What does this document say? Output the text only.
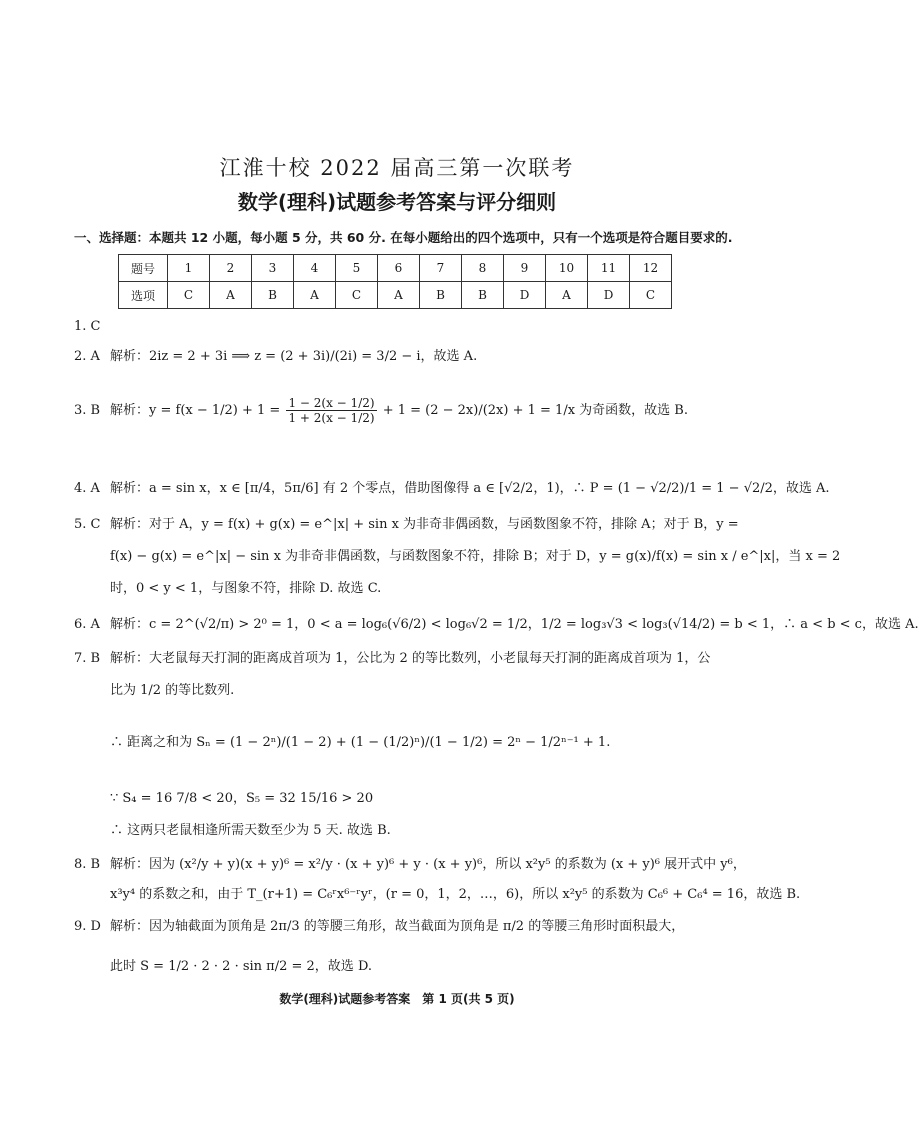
江淮十校 2022 届高三第一次联考
数学(理科)试题参考答案与评分细则
一、选择题：本题共 12 小题，每小题 5 分，共 60 分. 在每小题给出的四个选项中，只有一个选项是符合题目要求的.
题号	1	2	3	4	5	6	7	8	9	10	11	12
选项	C	A	B	A	C	A	B	B	D	A	D	C
1. C
2. A 解析：2iz = 2 + 3i ⟹ z = (2 + 3i)/(2i) = 3/2 − i，故选 A.
3. B 解析：$y = f(x - 1/2) + 1 = \frac{1 - 2(x - 1/2)}{1 + 2(x - 1/2)} + 1 = (2 - 2x)/(2x) + 1 = 1/x$ 为奇函数，故选 B.
4. A 解析：a = sin x，x ∈ [π/4，5π/6] 有 2 个零点，借助图像得 a ∈ [√2/2，1)，∴ P = (1 − √2/2)/1 = 1 − √2/2，故选 A.
5. C 解析：对于 A，y = f(x) + g(x) = e^|x| + sin x 为非奇非偶函数，与函数图象不符，排除 A；对于 B，y =
f(x) − g(x) = e^|x| − sin x 为非奇非偶函数，与函数图象不符，排除 B；对于 D，y = g(x)/f(x) = sin x / e^|x|，当 x = 2
时，0 < y < 1，与图象不符，排除 D. 故选 C.
6. A 解析：c = 2^(√2/π) > 2⁰ = 1，0 < a = log₆(√6/2) < log₆√2 = 1/2，1/2 = log₃√3 < log₃(√14/2) = b < 1，∴ a < b < c，故选 A.
7. B 解析：大老鼠每天打洞的距离成首项为 1，公比为 2 的等比数列，小老鼠每天打洞的距离成首项为 1，公
比为 1/2 的等比数列.
∴ 距离之和为 Sₙ = (1 − 2ⁿ)/(1 − 2) + (1 − (1/2)ⁿ)/(1 − 1/2) = 2ⁿ − 1/2ⁿ⁻¹ + 1.
∵ S₄ = 16 7/8 < 20，S₅ = 32 15/16 > 20
∴ 这两只老鼠相逢所需天数至少为 5 天. 故选 B.
8. B 解析：因为 (x²/y + y)(x + y)⁶ = x²/y · (x + y)⁶ + y · (x + y)⁶，所以 x²y⁵ 的系数为 (x + y)⁶ 展开式中 y⁶，
x³y⁴ 的系数之和，由于 T_(r+1) = C₆ʳx⁶⁻ʳyʳ，(r = 0，1，2，…，6)，所以 x²y⁵ 的系数为 C₆⁶ + C₆⁴ = 16，故选 B.
9. D 解析：因为轴截面为顶角是 2π/3 的等腰三角形，故当截面为顶角是 π/2 的等腰三角形时面积最大，
此时 S = 1/2 · 2 · 2 · sin π/2 = 2，故选 D.
数学(理科)试题参考答案　第 1 页(共 5 页)
